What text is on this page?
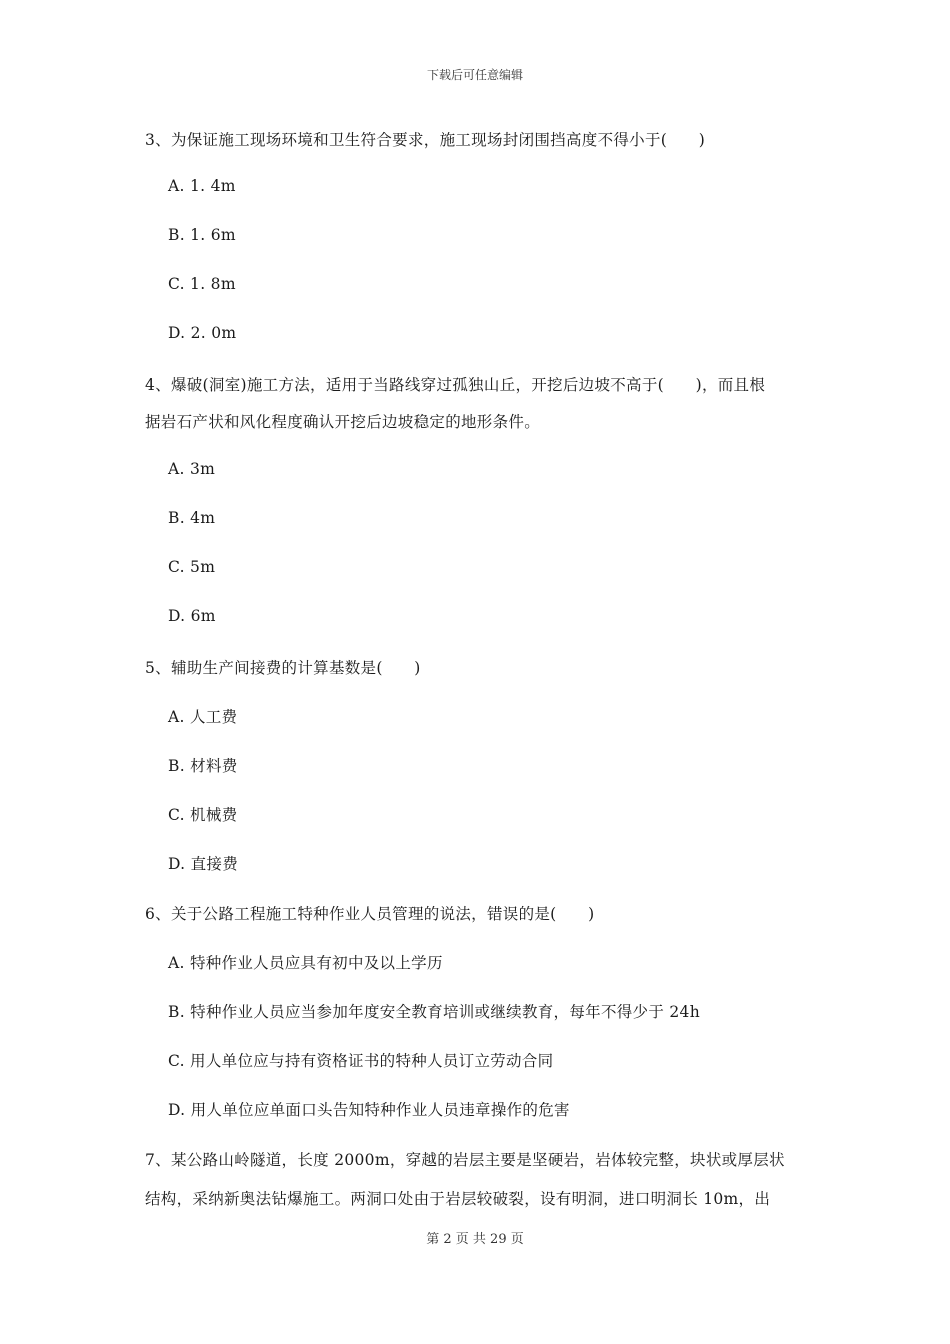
下载后可任意编辑
3、为保证施工现场环境和卫生符合要求，施工现场封闭围挡高度不得小于(　　)
A. 1. 4m
B. 1. 6m
C. 1. 8m
D. 2. 0m
4、爆破(洞室)施工方法，适用于当路线穿过孤独山丘，开挖后边坡不高于(　　)，而且根
据岩石产状和风化程度确认开挖后边坡稳定的地形条件。
A. 3m
B. 4m
C. 5m
D. 6m
5、辅助生产间接费的计算基数是(　　)
A. 人工费
B. 材料费
C. 机械费
D. 直接费
6、关于公路工程施工特种作业人员管理的说法，错误的是(　　)
A. 特种作业人员应具有初中及以上学历
B. 特种作业人员应当参加年度安全教育培训或继续教育，每年不得少于 24h
C. 用人单位应与持有资格证书的特种人员订立劳动合同
D. 用人单位应单面口头告知特种作业人员违章操作的危害
7、某公路山岭隧道，长度 2000m，穿越的岩层主要是坚硬岩，岩体较完整，块状或厚层状
结构，采纳新奥法钻爆施工。两洞口处由于岩层较破裂，设有明洞，进口明洞长 10m，出
第 2 页 共 29 页
